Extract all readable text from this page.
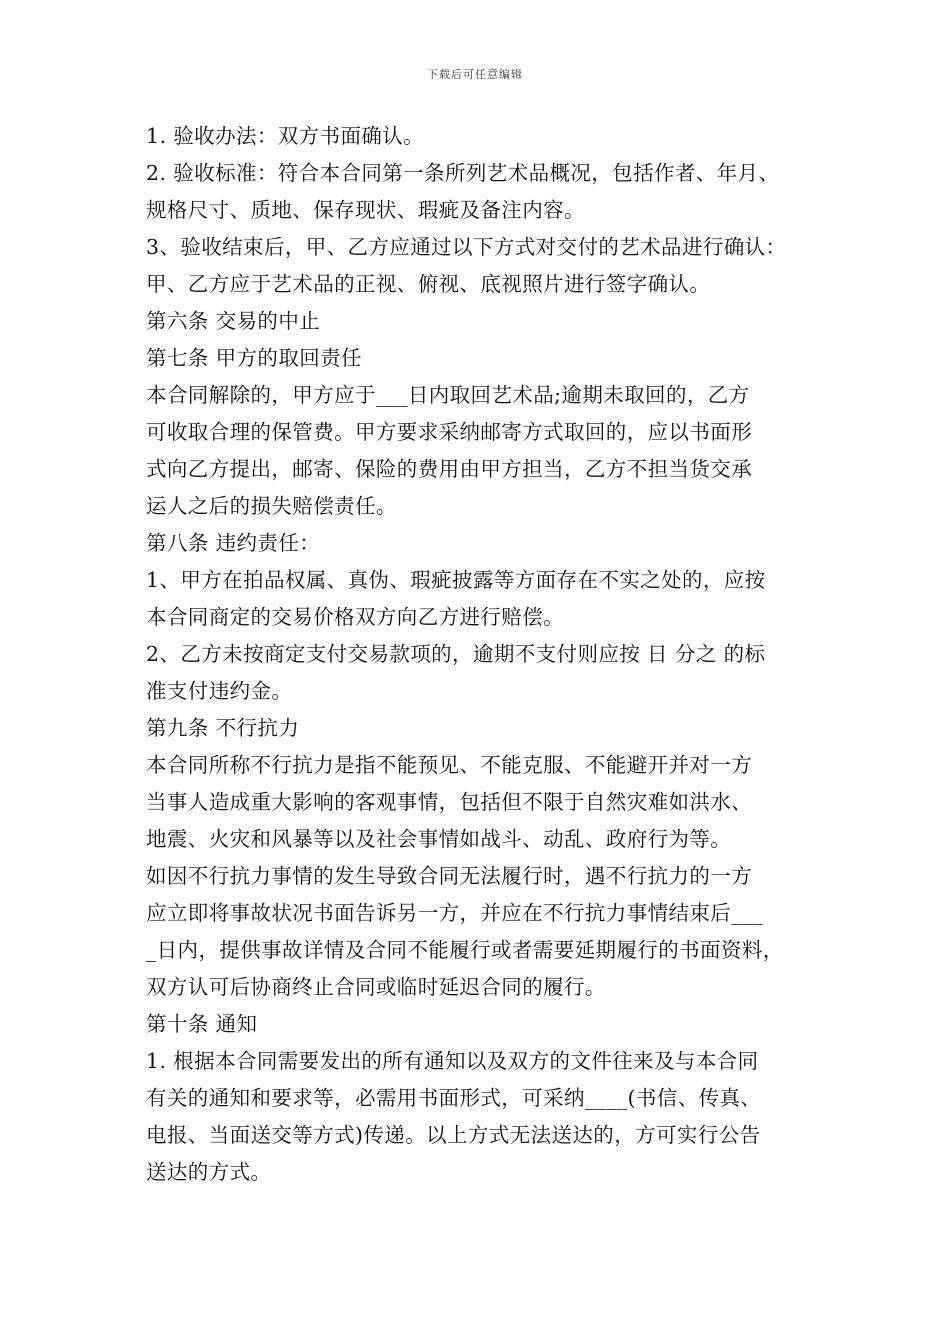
下载后可任意编辑
1. 验收办法：双方书面确认。
2. 验收标准：符合本合同第一条所列艺术品概况，包括作者、年月、
规格尺寸、质地、保存现状、瑕疵及备注内容。
3、验收结束后，甲、乙方应通过以下方式对交付的艺术品进行确认：
甲、乙方应于艺术品的正视、俯视、底视照片进行签字确认。
第六条 交易的中止
第七条 甲方的取回责任
本合同解除的，甲方应于___日内取回艺术品;逾期未取回的，乙方
可收取合理的保管费。甲方要求采纳邮寄方式取回的，应以书面形
式向乙方提出，邮寄、保险的费用由甲方担当，乙方不担当货交承
运人之后的损失赔偿责任。
第八条 违约责任：
1、甲方在拍品权属、真伪、瑕疵披露等方面存在不实之处的，应按
本合同商定的交易价格双方向乙方进行赔偿。
2、乙方未按商定支付交易款项的，逾期不支付则应按 日 分之 的标
准支付违约金。
第九条 不行抗力
本合同所称不行抗力是指不能预见、不能克服、不能避开并对一方
当事人造成重大影响的客观事情，包括但不限于自然灾难如洪水、
地震、火灾和风暴等以及社会事情如战斗、动乱、政府行为等。
如因不行抗力事情的发生导致合同无法履行时，遇不行抗力的一方
应立即将事故状况书面告诉另一方，并应在不行抗力事情结束后___
_日内，提供事故详情及合同不能履行或者需要延期履行的书面资料，
双方认可后协商终止合同或临时延迟合同的履行。
第十条 通知
1. 根据本合同需要发出的所有通知以及双方的文件往来及与本合同
有关的通知和要求等，必需用书面形式，可采纳____(书信、传真、
电报、当面送交等方式)传递。以上方式无法送达的，方可实行公告
送达的方式。
